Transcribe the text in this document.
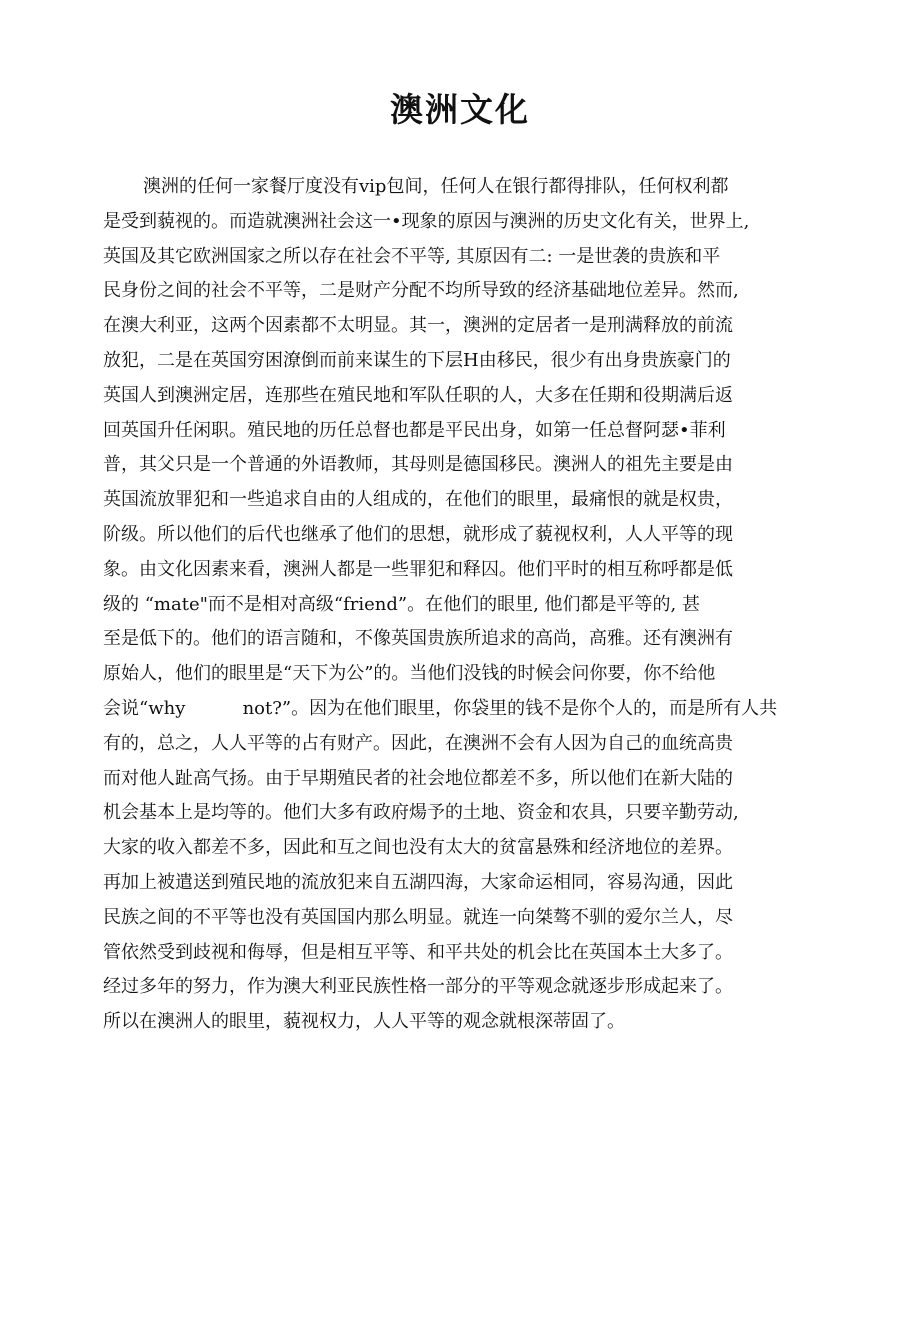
澳洲文化
澳洲的任何一家餐厅度没有vip包间，任何人在银行都得排队，任何权利都
是受到藐视的。而造就澳洲社会这一•现象的原因与澳洲的历史文化有关，世界上,
英国及其它欧洲国家之所以存在社会不平等, 其原因有二: 一是世袭的贵族和平
民身份之间的社会不平等，二是财产分配不均所导致的经济基础地位差异。然而,
在澳大利亚，这两个因素都不太明显。其一，澳洲的定居者一是刑满释放的前流
放犯，二是在英国穷困潦倒而前来谋生的下层H由移民，很少有出身贵族豪门的
英国人到澳洲定居，连那些在殖民地和军队任职的人，大多在任期和役期满后返
回英国升任闲职。殖民地的历任总督也都是平民出身，如第一任总督阿瑟•菲利
普，其父只是一个普通的外语教师，其母则是德国移民。澳洲人的祖先主要是由
英国流放罪犯和一些追求自由的人组成的，在他们的眼里，最痛恨的就是权贵，
阶级。所以他们的后代也继承了他们的思想，就形成了藐视权利，人人平等的现
象。由文化因素来看，澳洲人都是一些罪犯和释囚。他们平时的相互称呼都是低
级的 “mate"而不是相对高级“friend”。在他们的眼里, 他们都是平等的, 甚
至是低下的。他们的语言随和，不像英国贵族所追求的高尚，高雅。还有澳洲有
原始人，他们的眼里是“天下为公”的。当他们没钱的时候会问你要，你不给他
会说“why          not?”。因为在他们眼里，你袋里的钱不是你个人的，而是所有人共
有的，总之，人人平等的占有财产。因此，在澳洲不会有人因为自己的血统高贵
而对他人趾高气扬。由于早期殖民者的社会地位都差不多，所以他们在新大陆的
机会基本上是均等的。他们大多有政府煬予的土地、资金和农具，只要辛勤劳动,
大家的收入都差不多，因此和互之间也没有太大的贫富悬殊和经济地位的差界。
再加上被遣送到殖民地的流放犯来自五湖四海，大家命运相同，容易沟通，因此
民族之间的不平等也没有英国国内那么明显。就连一向桀骜不驯的爱尔兰人，尽
管依然受到歧视和侮辱，但是相互平等、和平共处的机会比在英国本土大多了。
经过多年的努力，作为澳大利亚民族性格一部分的平等观念就逐步形成起来了。
所以在澳洲人的眼里，藐视权力，人人平等的观念就根深蒂固了。
